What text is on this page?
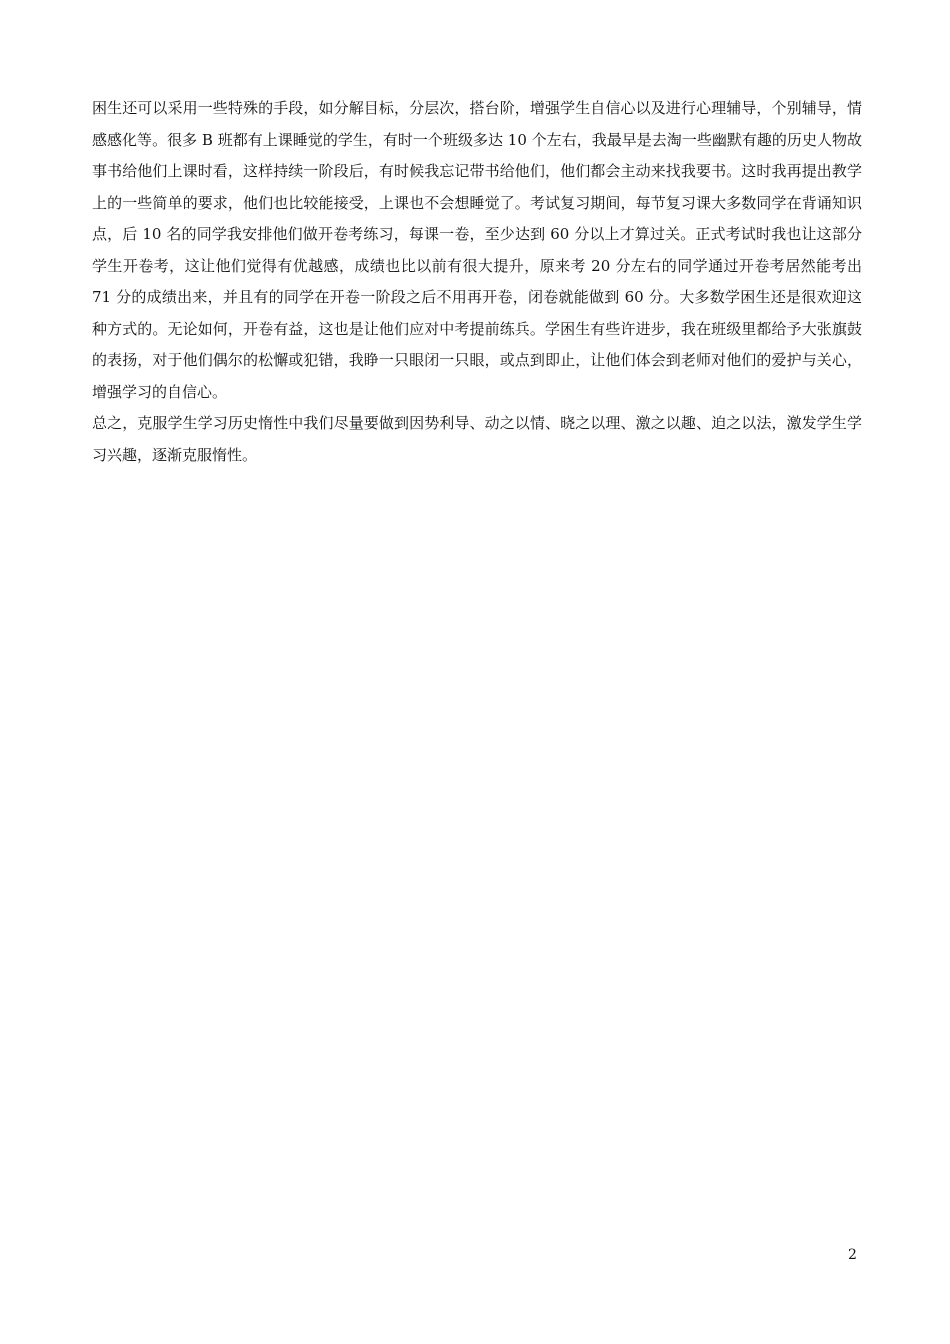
困生还可以采用一些特殊的手段，如分解目标，分层次，搭台阶，增强学生自信心以及进行心理辅导，个别辅导，情感感化等。很多 B 班都有上课睡觉的学生，有时一个班级多达 10 个左右，我最早是去淘一些幽默有趣的历史人物故事书给他们上课时看，这样持续一阶段后，有时候我忘记带书给他们，他们都会主动来找我要书。这时我再提出教学上的一些简单的要求，他们也比较能接受，上课也不会想睡觉了。考试复习期间，每节复习课大多数同学在背诵知识点，后 10 名的同学我安排他们做开卷考练习，每课一卷，至少达到 60 分以上才算过关。正式考试时我也让这部分学生开卷考，这让他们觉得有优越感，成绩也比以前有很大提升，原来考 20 分左右的同学通过开卷考居然能考出 71 分的成绩出来，并且有的同学在开卷一阶段之后不用再开卷，闭卷就能做到 60 分。大多数学困生还是很欢迎这种方式的。无论如何，开卷有益，这也是让他们应对中考提前练兵。学困生有些许进步，我在班级里都给予大张旗鼓的表扬，对于他们偶尔的松懈或犯错，我睁一只眼闭一只眼，或点到即止，让他们体会到老师对他们的爱护与关心，增强学习的自信心。

总之，克服学生学习历史惰性中我们尽量要做到因势利导、动之以情、晓之以理、激之以趣、迫之以法，激发学生学习兴趣，逐渐克服惰性。

2
